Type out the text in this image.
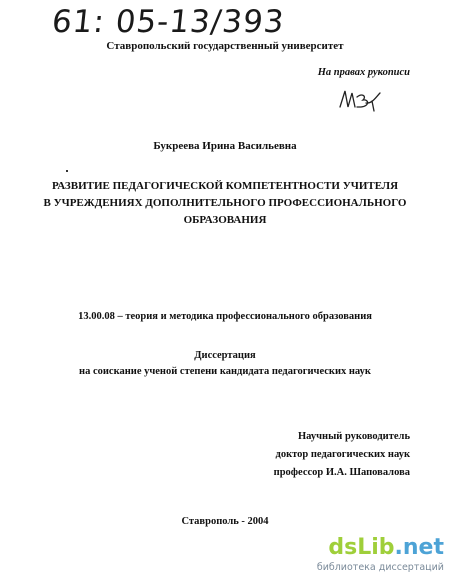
61: 05-13/393
Ставропольский государственный университет
На правах рукописи
Букреева Ирина Васильевна
РАЗВИТИЕ ПЕДАГОГИЧЕСКОЙ КОМПЕТЕНТНОСТИ УЧИТЕЛЯ
В УЧРЕЖДЕНИЯХ ДОПОЛНИТЕЛЬНОГО ПРОФЕССИОНАЛЬНОГО
ОБРАЗОВАНИЯ
13.00.08 – теория и методика профессионального образования
Диссертация
на соискание ученой степени кандидата педагогических наук
Научный руководитель
доктор педагогических наук
профессор И.А. Шаповалова
Ставрополь - 2004
dsLib.net
библиотека диссертаций
